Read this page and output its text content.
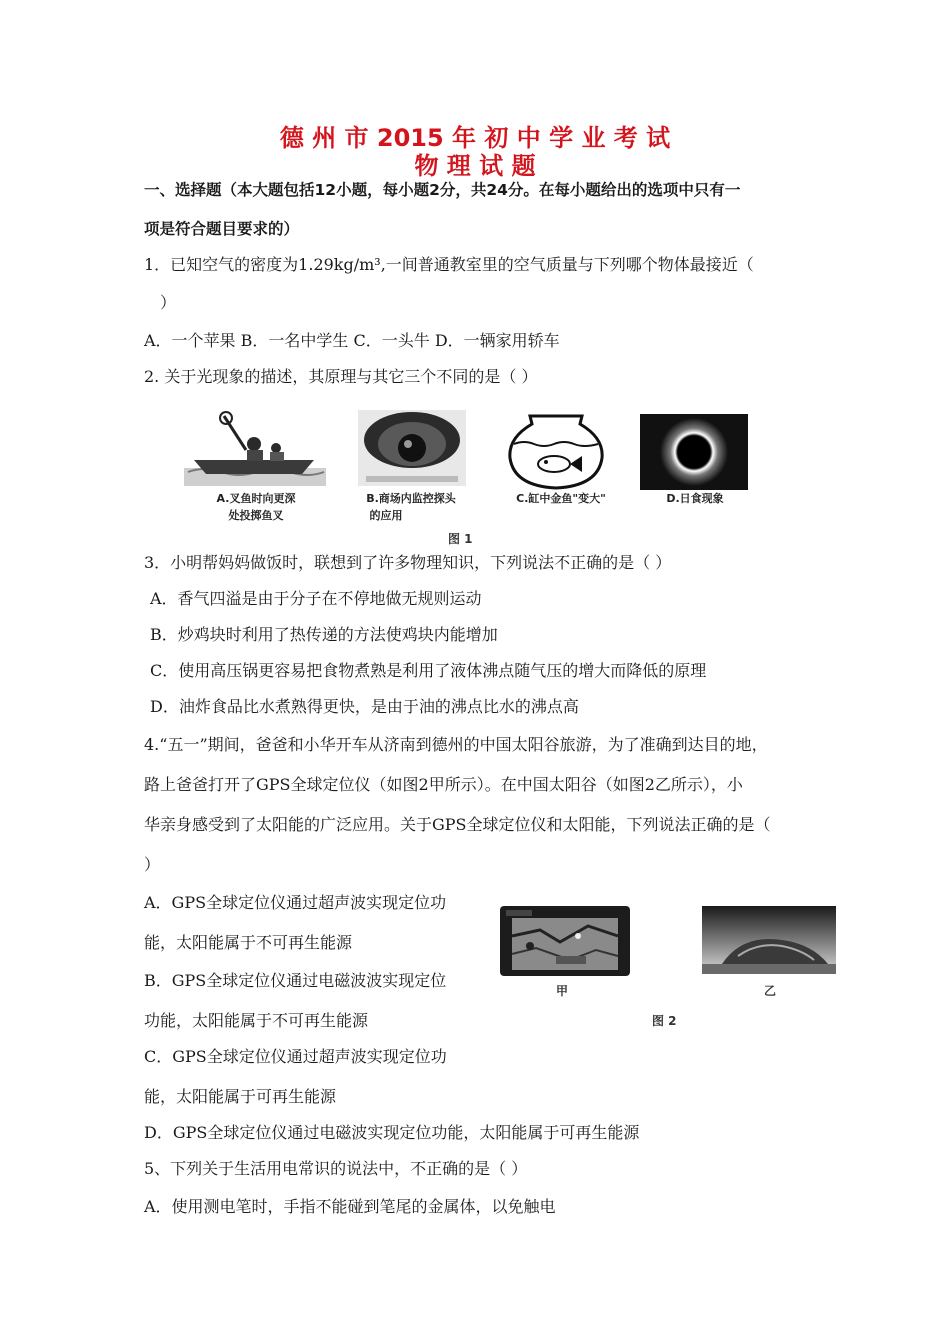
德 州 市 2015 年 初 中 学 业 考 试
物 理 试 题
一、选择题（本大题包括12小题，每小题2分，共24分。在每小题给出的选项中只有一
项是符合题目要求的）
1．已知空气的密度为1.29kg/m³,一间普通教室里的空气质量与下列哪个物体最接近（
）
A．一个苹果 B．一名中学生 C．一头牛 D．一辆家用轿车
2. 关于光现象的描述，其原理与其它三个不同的是（ ）
A.叉鱼时向更深
处投掷鱼叉
B.商场内监控探头
的应用
C.缸中金鱼"变大"	D.日食现象
图 1
3．小明帮妈妈做饭时，联想到了许多物理知识，下列说法不正确的是（ ）
A．香气四溢是由于分子在不停地做无规则运动
B．炒鸡块时利用了热传递的方法使鸡块内能增加
C．使用高压锅更容易把食物煮熟是利用了液体沸点随气压的增大而降低的原理
D．油炸食品比水煮熟得更快，是由于油的沸点比水的沸点高
4.“五一”期间，爸爸和小华开车从济南到德州的中国太阳谷旅游，为了准确到达目的地，
路上爸爸打开了GPS全球定位仪（如图2甲所示）。在中国太阳谷（如图2乙所示），小
华亲身感受到了太阳能的广泛应用。关于GPS全球定位仪和太阳能，下列说法正确的是（
）
A．GPS全球定位仪通过超声波实现定位功
能，太阳能属于不可再生能源
B．GPS全球定位仪通过电磁波波实现定位
功能，太阳能属于不可再生能源
C．GPS全球定位仪通过超声波实现定位功
能，太阳能属于可再生能源
D．GPS全球定位仪通过电磁波实现定位功能，太阳能属于可再生能源
甲	乙
图 2
5、下列关于生活用电常识的说法中，不正确的是（ ）
A．使用测电笔时，手指不能碰到笔尾的金属体，以免触电
